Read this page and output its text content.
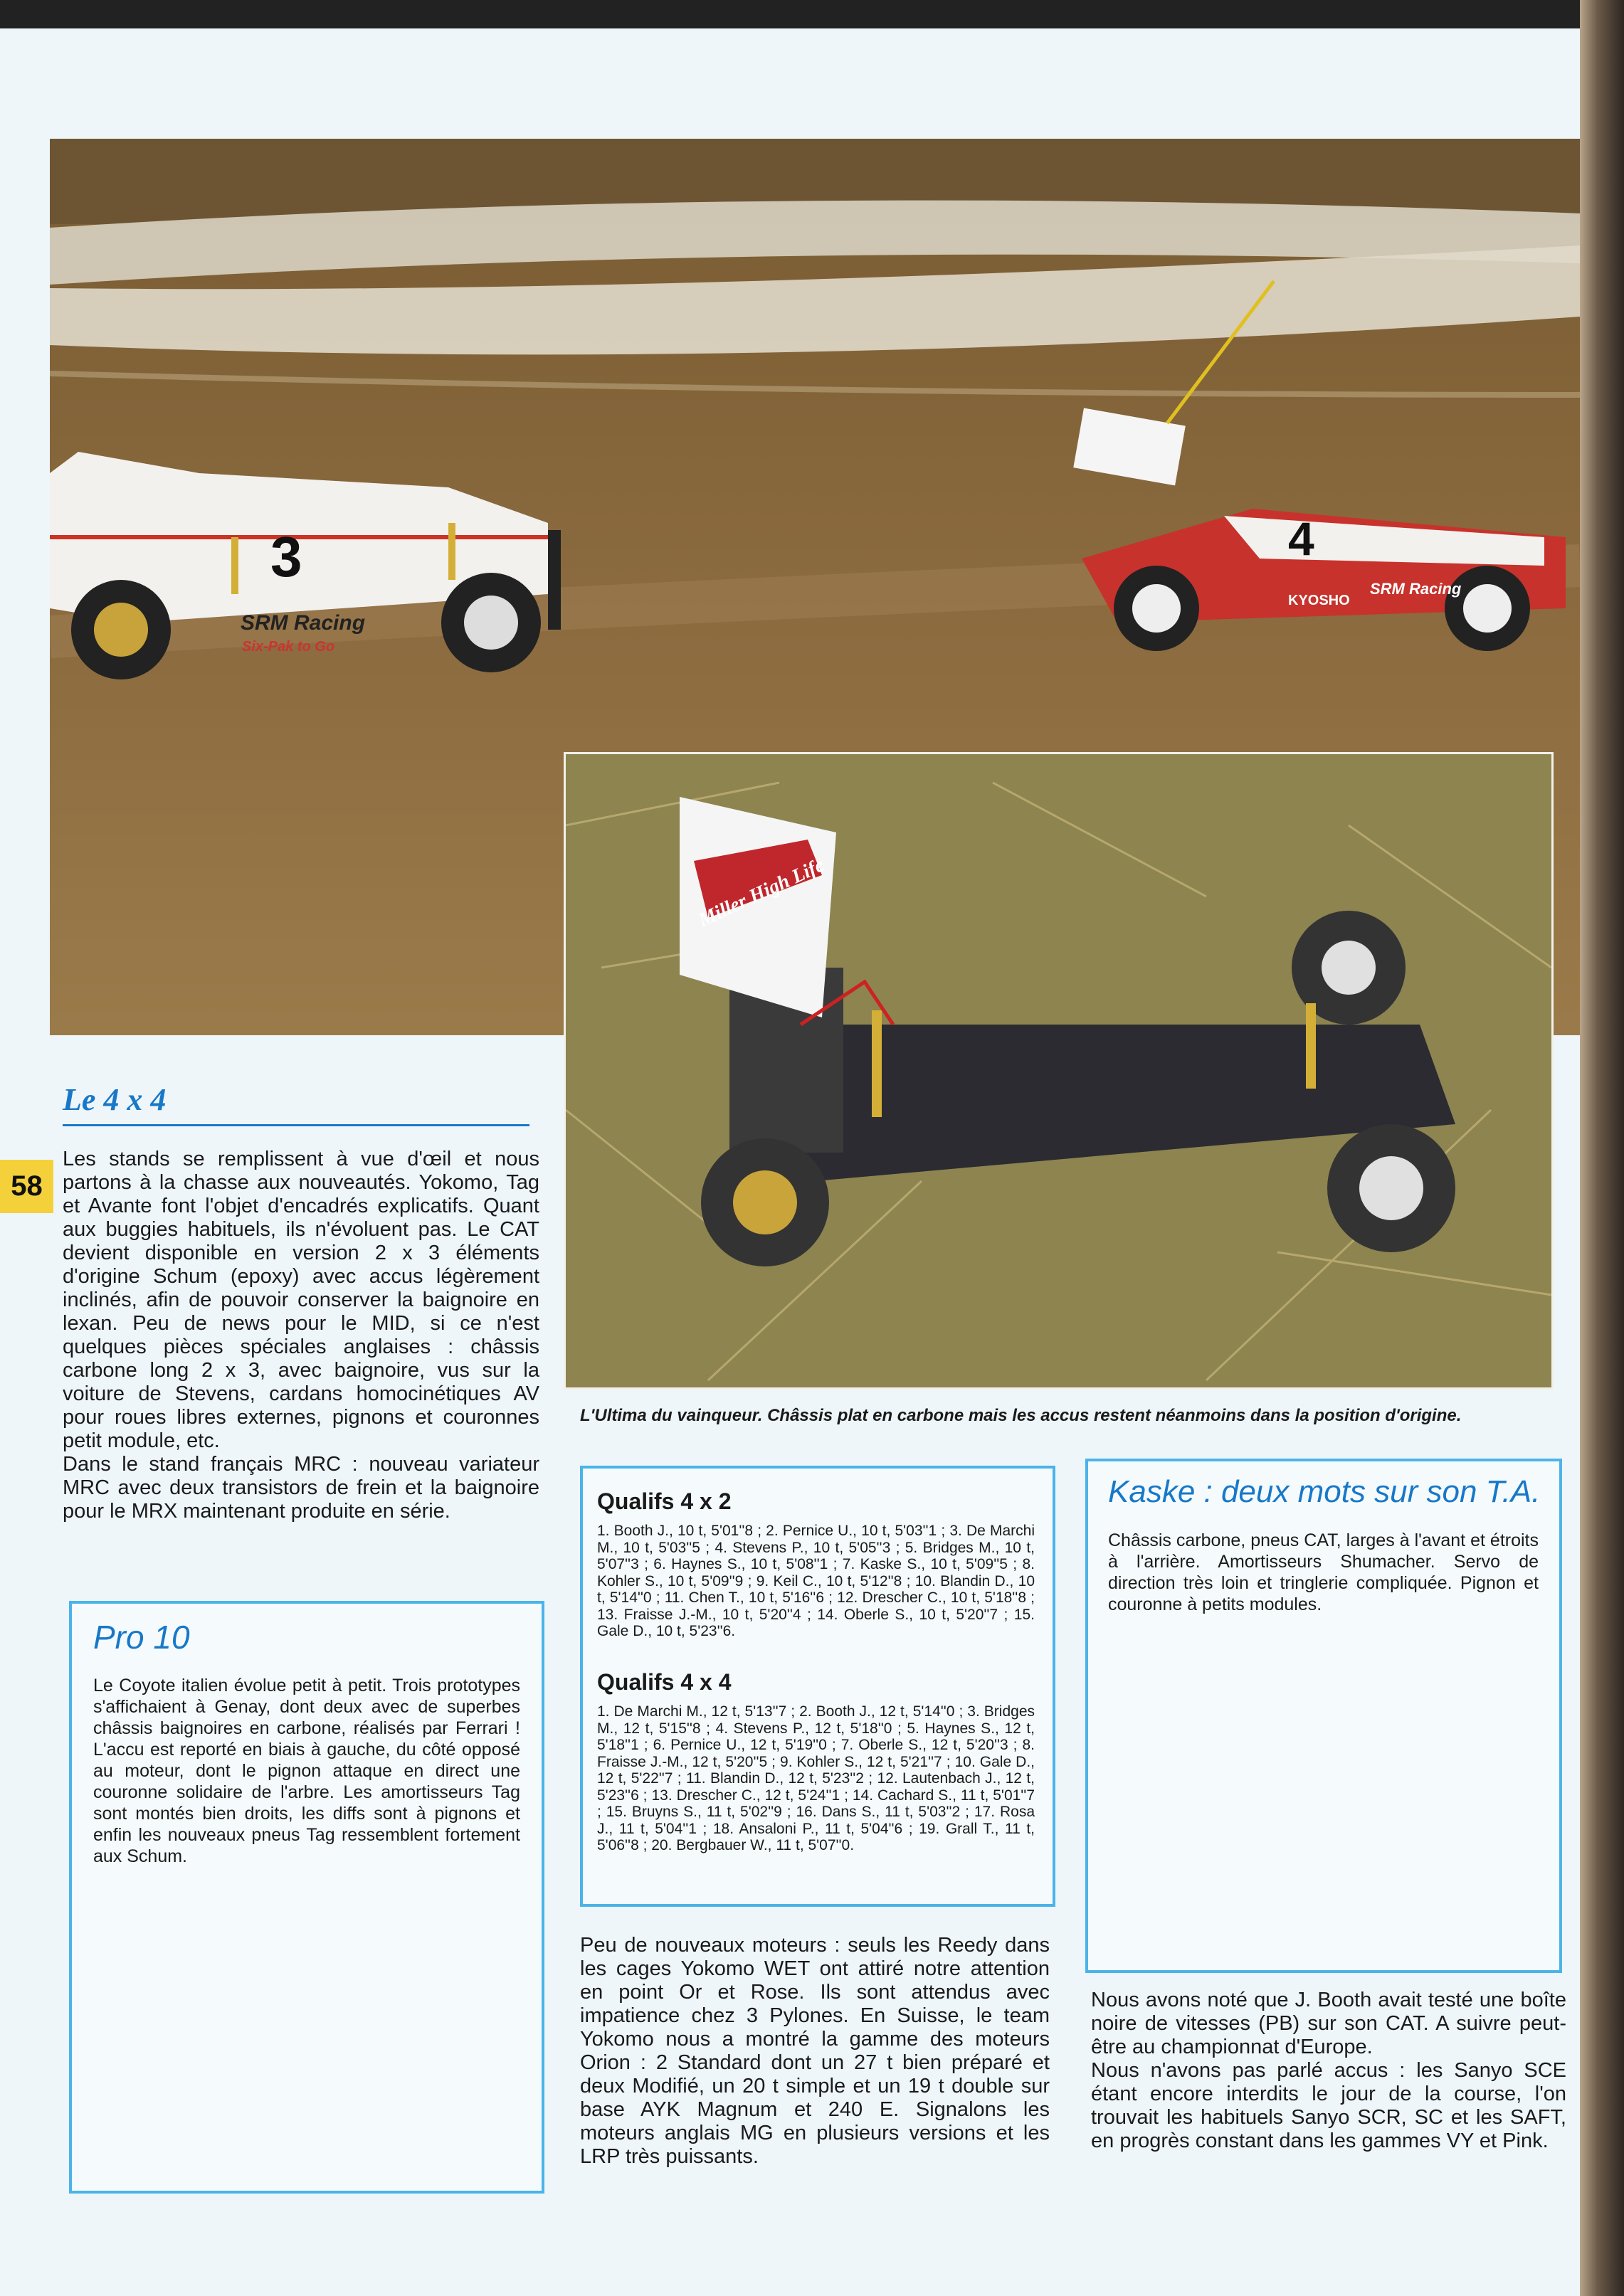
3
SRM Racing
Six-Pak to Go
4
KYOSHO
SRM Racing
Miller High Life
58
Le 4 x 4

Les stands se remplissent à vue d'œil et nous partons à la chasse aux nouveautés. Yokomo, Tag et Avante font l'objet d'encadrés explicatifs. Quant aux buggies habituels, ils n'évoluent pas. Le CAT devient disponible en version 2 x 3 éléments d'origine Schum (epoxy) avec accus légèrement inclinés, afin de pouvoir conserver la baignoire en lexan. Peu de news pour le MID, si ce n'est quelques pièces spéciales anglaises : châssis carbone long 2 x 3, avec baignoire, vus sur la voiture de Stevens, cardans homocinétiques AV pour roues libres externes, pignons et couronnes petit module, etc.

Dans le stand français MRC : nouveau variateur MRC avec deux transistors de frein et la baignoire pour le MRX maintenant produite en série.

L'Ultima du vainqueur. Châssis plat en carbone mais les accus restent néanmoins dans la position d'origine.

Pro 10

Le Coyote italien évolue petit à petit. Trois prototypes s'affichaient à Genay, dont deux avec de superbes châssis baignoires en carbone, réalisés par Ferrari ! L'accu est reporté en biais à gauche, du côté opposé au moteur, dont le pignon attaque en direct une couronne solidaire de l'arbre. Les amortisseurs Tag sont montés bien droits, les diffs sont à pignons et enfin les nouveaux pneus Tag ressemblent fortement aux Schum.

Qualifs 4 x 2

1. Booth J., 10 t, 5'01''8 ; 2. Pernice U., 10 t, 5'03''1 ; 3. De Marchi M., 10 t, 5'03''5 ; 4. Stevens P., 10 t, 5'05''3 ; 5. Bridges M., 10 t, 5'07''3 ; 6. Haynes S., 10 t, 5'08''1 ; 7. Kaske S., 10 t, 5'09''5 ; 8. Kohler S., 10 t, 5'09''9 ; 9. Keil C., 10 t, 5'12''8 ; 10. Blandin D., 10 t, 5'14''0 ; 11. Chen T., 10 t, 5'16''6 ; 12. Drescher C., 10 t, 5'18''8 ; 13. Fraisse J.-M., 10 t, 5'20''4 ; 14. Oberle S., 10 t, 5'20''7 ; 15. Gale D., 10 t, 5'23''6.

Qualifs 4 x 4

1. De Marchi M., 12 t, 5'13''7 ; 2. Booth J., 12 t, 5'14''0 ; 3. Bridges M., 12 t, 5'15''8 ; 4. Stevens P., 12 t, 5'18''0 ; 5. Haynes S., 12 t, 5'18''1 ; 6. Pernice U., 12 t, 5'19''0 ; 7. Oberle S., 12 t, 5'20''3 ; 8. Fraisse J.-M., 12 t, 5'20''5 ; 9. Kohler S., 12 t, 5'21''7 ; 10. Gale D., 12 t, 5'22''7 ; 11. Blandin D., 12 t, 5'23''2 ; 12. Lautenbach J., 12 t, 5'23''6 ; 13. Drescher C., 12 t, 5'24''1 ; 14. Cachard S., 11 t, 5'01''7 ; 15. Bruyns S., 11 t, 5'02''9 ; 16. Dans S., 11 t, 5'03''2 ; 17. Rosa J., 11 t, 5'04''1 ; 18. Ansaloni P., 11 t, 5'04''6 ; 19. Grall T., 11 t, 5'06''8 ; 20. Bergbauer W., 11 t, 5'07''0.

Kaske : deux mots sur son T.A.

Châssis carbone, pneus CAT, larges à l'avant et étroits à l'arrière. Amortisseurs Shumacher. Servo de direction très loin et tringlerie compliquée. Pignon et couronne à petits modules.

Peu de nouveaux moteurs : seuls les Reedy dans les cages Yokomo WET ont attiré notre attention en point Or et Rose. Ils sont attendus avec impatience chez 3 Pylones. En Suisse, le team Yokomo nous a montré la gamme des moteurs Orion : 2 Standard dont un 27 t bien préparé et deux Modifié, un 20 t simple et un 19 t double sur base AYK Magnum et 240 E. Signalons les moteurs anglais MG en plusieurs versions et les LRP très puissants.

Nous avons noté que J. Booth avait testé une boîte noire de vitesses (PB) sur son CAT. A suivre peut-être au championnat d'Europe.

Nous n'avons pas parlé accus : les Sanyo SCE étant encore interdits le jour de la course, l'on trouvait les habituels Sanyo SCR, SC et les SAFT, en progrès constant dans les gammes VY et Pink.
